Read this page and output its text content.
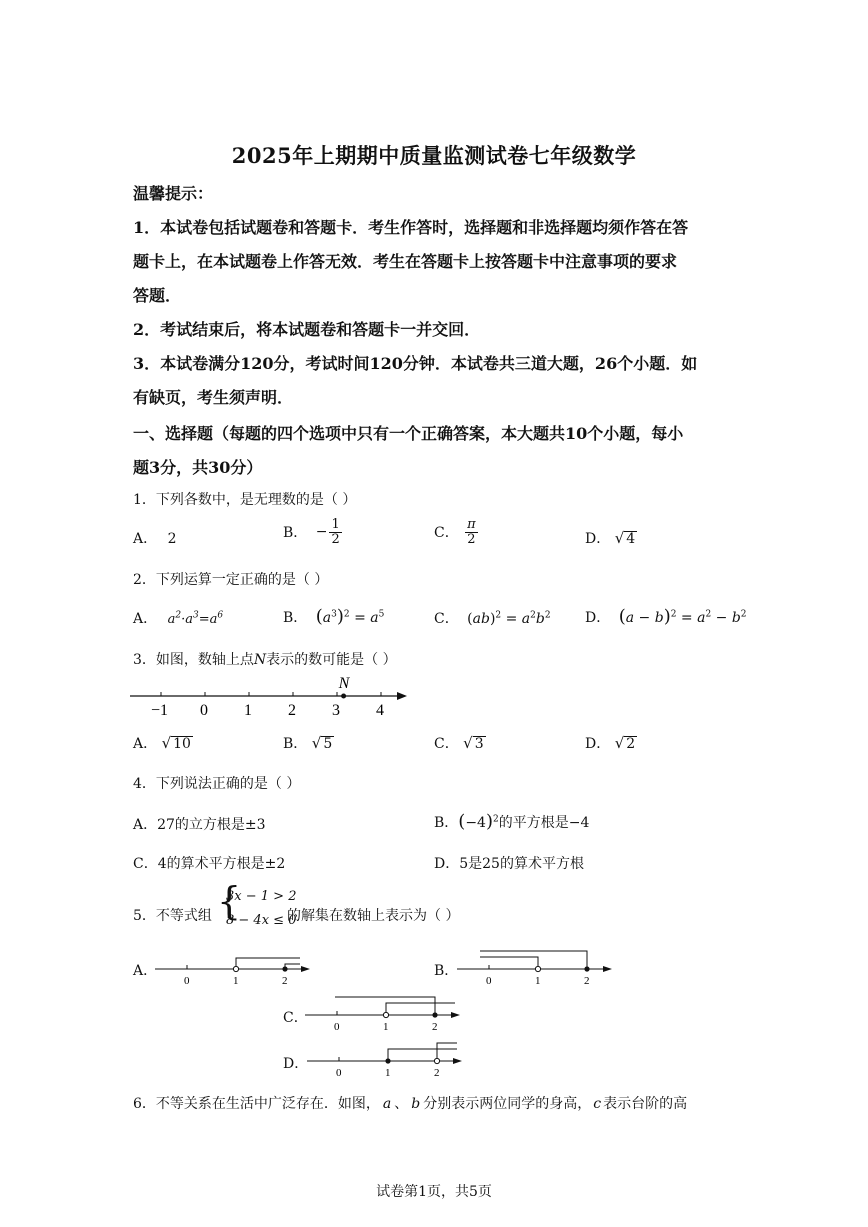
2025年上期期中质量监测试卷七年级数学
温馨提示：
1．本试卷包括试题卷和答题卡．考生作答时，选择题和非选择题均须作答在答
题卡上，在本试题卷上作答无效．考生在答题卡上按答题卡中注意事项的要求
答题．
2．考试结束后，将本试题卷和答题卡一并交回．
3．本试卷满分120分，考试时间120分钟．本试卷共三道大题，26个小题．如
有缺页，考生须声明．
一、选择题（每题的四个选项中只有一个正确答案，本大题共10个小题，每小
题3分，共30分）
1．下列各数中，是无理数的是（ ）
A． 2	B． − $\frac{1}{2}$	C． $\frac{\pi}{2}$	D． √ 4
2．下列运算一定正确的是（ ）
A． $a^2\cdot a^3=a^6$	B． $(a^3)^2 = a^5$	C． $(ab)^2 = a^2b^2$ D． $(a - b)^2 = a^2 - b^2$
3．如图，数轴上点N表示的数可能是（ ）
−1 0 1 2 3 4
N
A． √ 10	B． √ 5	C． √ 3	D． √ 2
4．下列说法正确的是（ ）
A．27的立方根是±3	B．$(-4)^2$的平方根是−4
C．4的算术平方根是±2	D．5是25的算术平方根
5．不等式组 {
3x − 1 > 2
8 − 4x ≤ 0
的解集在数轴上表示为（ ）
A．
0	1	2
B．
0	1	2
C．
0	1	2
D．
0	1	2
6．不等关系在生活中广泛存在．如图， a 、 b 分别表示两位同学的身高， c 表示台阶的高
试卷第1页，共5页
